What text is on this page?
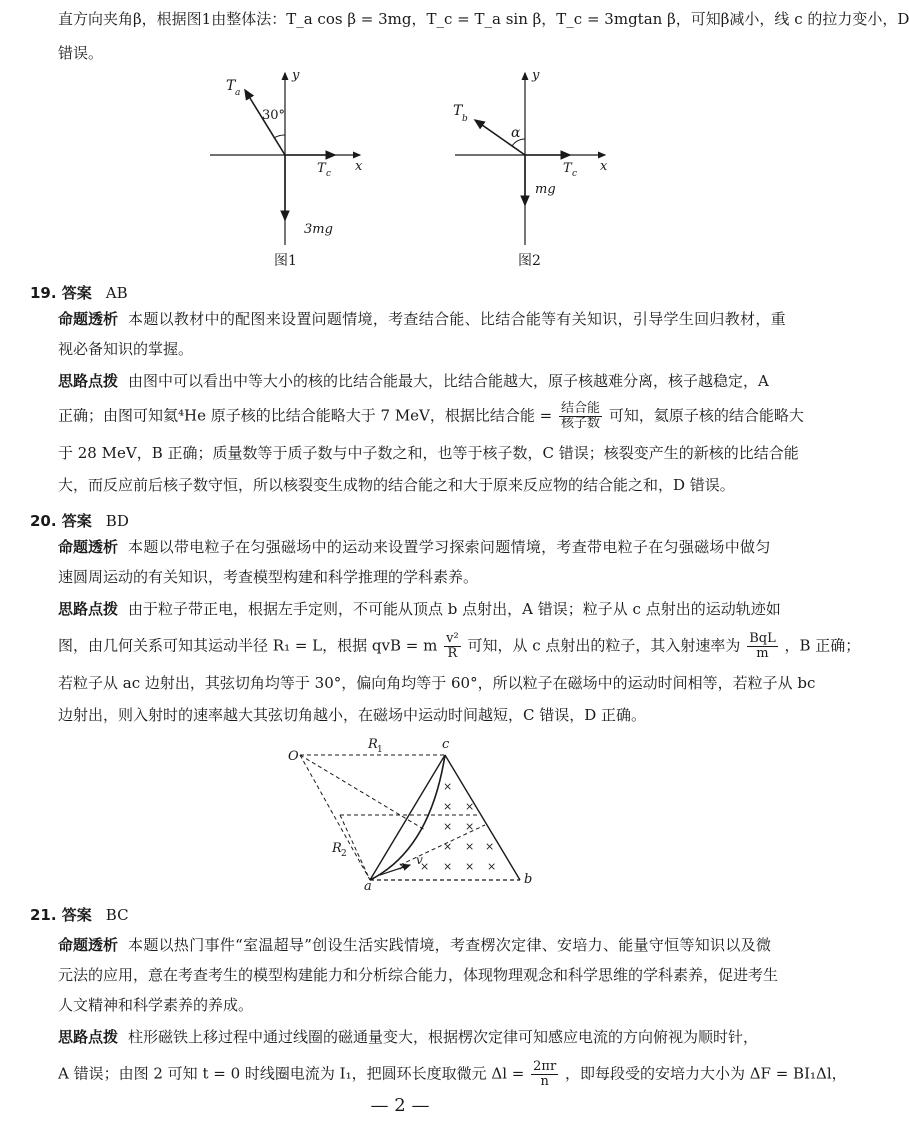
直方向夹角β，根据图1由整体法：T_a cos β = 3mg，T_c = T_a sin β，T_c = 3mgtan β，可知β减小，线 c 的拉力变小，D
错误。
T a
30°
y
x
T c
3mg
图1
T b
α
y
x
T c
mg
图2
19. 答案 AB
命题透析 本题以教材中的配图来设置问题情境，考查结合能、比结合能等有关知识，引导学生回归教材，重
视必备知识的掌握。
思路点拨 由图中可以看出中等大小的核的比结合能最大，比结合能越大，原子核越难分离，核子越稳定，A
正确；由图可知氦⁴He 原子核的比结合能略大于 7 MeV，根据比结合能 = $\frac{\text{结合能}}{\text{核子数}}$ 可知，氦原子核的结合能略大
于 28 MeV，B 正确；质量数等于质子数与中子数之和，也等于核子数，C 错误；核裂变产生的新核的比结合能
大，而反应前后核子数守恒，所以核裂变生成物的结合能之和大于原来反应物的结合能之和，D 错误。
20. 答案 BD
命题透析 本题以带电粒子在匀强磁场中的运动来设置学习探索问题情境，考查带电粒子在匀强磁场中做匀
速圆周运动的有关知识，考查模型构建和科学推理的学科素养。
思路点拨 由于粒子带正电，根据左手定则，不可能从顶点 b 点射出，A 错误；粒子从 c 点射出的运动轨迹如
图，由几何关系可知其运动半径 R₁ = L，根据 qvB = m $\frac{\text{v²}}{R}$ 可知，从 c 点射出的粒子，其入射速率为 $\frac{\text{BqL}}{m}$ ，B 正确；
若粒子从 ac 边射出，其弦切角均等于 30°，偏向角均等于 60°，所以粒子在磁场中的运动时间相等，若粒子从 bc
边射出，则入射时的速率越大其弦切角越小，在磁场中运动时间越短，C 错误，D 正确。
×
× ×
× ×
× × ×
× × × ×
×
O
R 1	c
R 2
a	b
v
21. 答案 BC
命题透析 本题以热门事件“室温超导”创设生活实践情境，考查楞次定律、安培力、能量守恒等知识以及微
元法的应用，意在考查考生的模型构建能力和分析综合能力，体现物理观念和科学思维的学科素养，促进考生
人文精神和科学素养的养成。
思路点拨 柱形磁铁上移过程中通过线圈的磁通量变大，根据楞次定律可知感应电流的方向俯视为顺时针，
A 错误；由图 2 可知 t = 0 时线圈电流为 I₁，把圆环长度取微元 $\Delta l = \frac{2\pi r}{n}$ ，即每段受的安培力大小为 ΔF = BI₁Δl，
— 2 —
